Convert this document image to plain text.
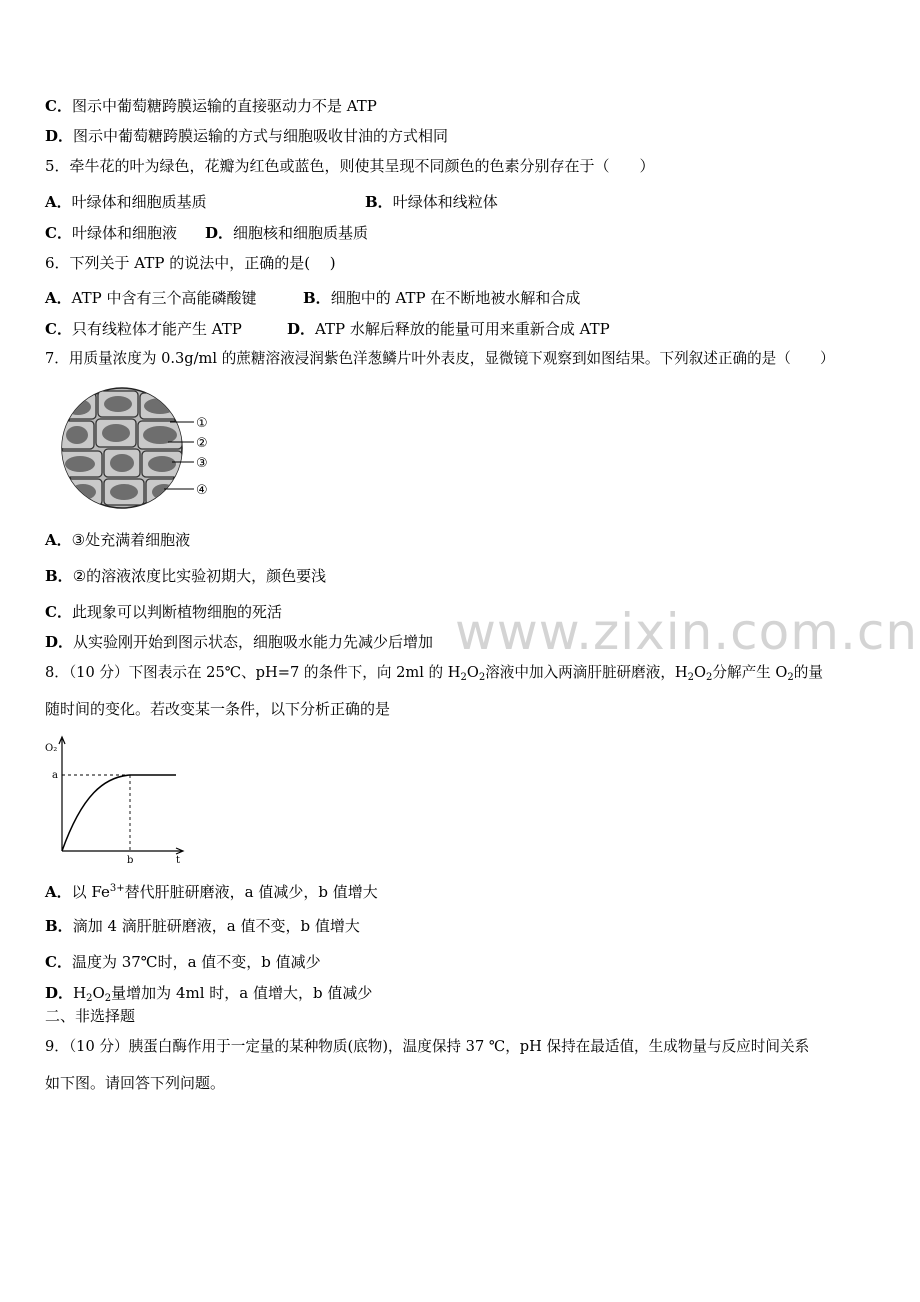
C．图示中葡萄糖跨膜运输的直接驱动力不是 ATP
D．图示中葡萄糖跨膜运输的方式与细胞吸收甘油的方式相同
5．牵牛花的叶为绿色，花瓣为红色或蓝色，则使其呈现不同颜色的色素分别存在于（　　）
A．叶绿体和细胞质基质	B．叶绿体和线粒体
C．叶绿体和细胞液 D．细胞核和细胞质基质
6．下列关于 ATP 的说法中，正确的是(　 )
A．ATP 中含有三个高能磷酸键	B．细胞中的 ATP 在不断地被水解和合成
C．只有线粒体才能产生 ATP	D．ATP 水解后释放的能量可用来重新合成 ATP
7．用质量浓度为 0.3g/ml 的蔗糖溶液浸润紫色洋葱鳞片叶外表皮，显微镜下观察到如图结果。下列叙述正确的是（　　）
①
②
③
④
A．③处充满着细胞液
B．②的溶液浓度比实验初期大，颜色要浅
C．此现象可以判断植物细胞的死活
D．从实验刚开始到图示状态，细胞吸水能力先减少后增加 www.zixin.com.cn
8．（10 分）下图表示在 25℃、pH=7 的条件下，向 2ml 的 $H_2O_2$溶液中加入两滴肝脏研磨液，$H_2O_2$分解产生 $O_2$的量
随时间的变化。若改变某一条件，以下分析正确的是
O₂
a
b	t
A．以 $Fe^{3+}$替代肝脏研磨液，a 值减少，b 值增大
B．滴加 4 滴肝脏研磨液，a 值不变，b 值增大
C．温度为 37℃时，a 值不变，b 值减少
D．$H_2O_2$量增加为 4ml 时，a 值增大，b 值减少
二、非选择题
9．（10 分）胰蛋白酶作用于一定量的某种物质(底物)，温度保持 37 ℃，pH 保持在最适值，生成物量与反应时间关系
如下图。请回答下列问题。
